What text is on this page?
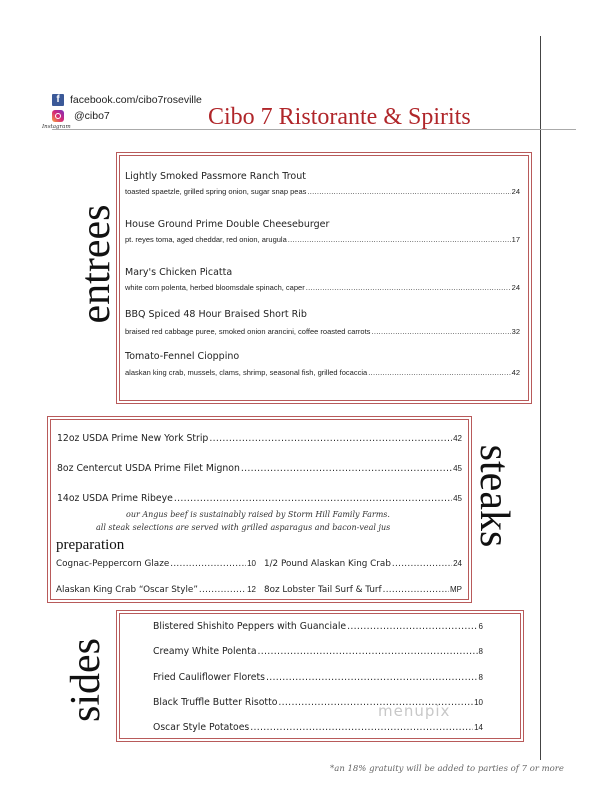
f facebook.com/cibo7roseville
@cibo7
Instagram	Cibo 7 Ristorante & Spirits
entrees
Lightly Smoked Passmore Ranch Trout
toasted spaetzle, grilled spring onion, sugar snap peas .....	24
House Ground Prime Double Cheeseburger
pt. reyes toma, aged cheddar, red onion, arugula .....	17
Mary's Chicken Picatta
white corn polenta, herbed bloomsdale spinach, caper .....	24
BBQ Spiced 48 Hour Braised Short Rib
braised red cabbage puree, smoked onion arancini, coffee roasted carrots .....	32
Tomato-Fennel Cioppino
alaskan king crab, mussels, clams, shrimp, seasonal fish, grilled focaccia .....	42
steaks
12oz USDA Prime New York Strip .....	42
8oz Centercut USDA Prime Filet Mignon .....	45
14oz USDA Prime Ribeye .....	45
our Angus beef is sustainably raised by Storm Hill Family Farms.
all steak selections are served with grilled asparagus and bacon-veal jus
Cognac-Peppercorn Glaze .....	10 1/2 Pound Alaskan King Crab .....	24
Alaskan King Crab “Oscar Style” .....	12 8oz Lobster Tail Surf & Turf .....	MP
preparation
sides
Blistered Shishito Peppers with Guanciale .....	6
Creamy White Polenta .....	8
Fried Cauliflower Florets .....	8
Black Truffle Butter Risotto .....	10
Oscar Style Potatoes .....	14
menupix
*an 18% gratuity will be added to parties of 7 or more
